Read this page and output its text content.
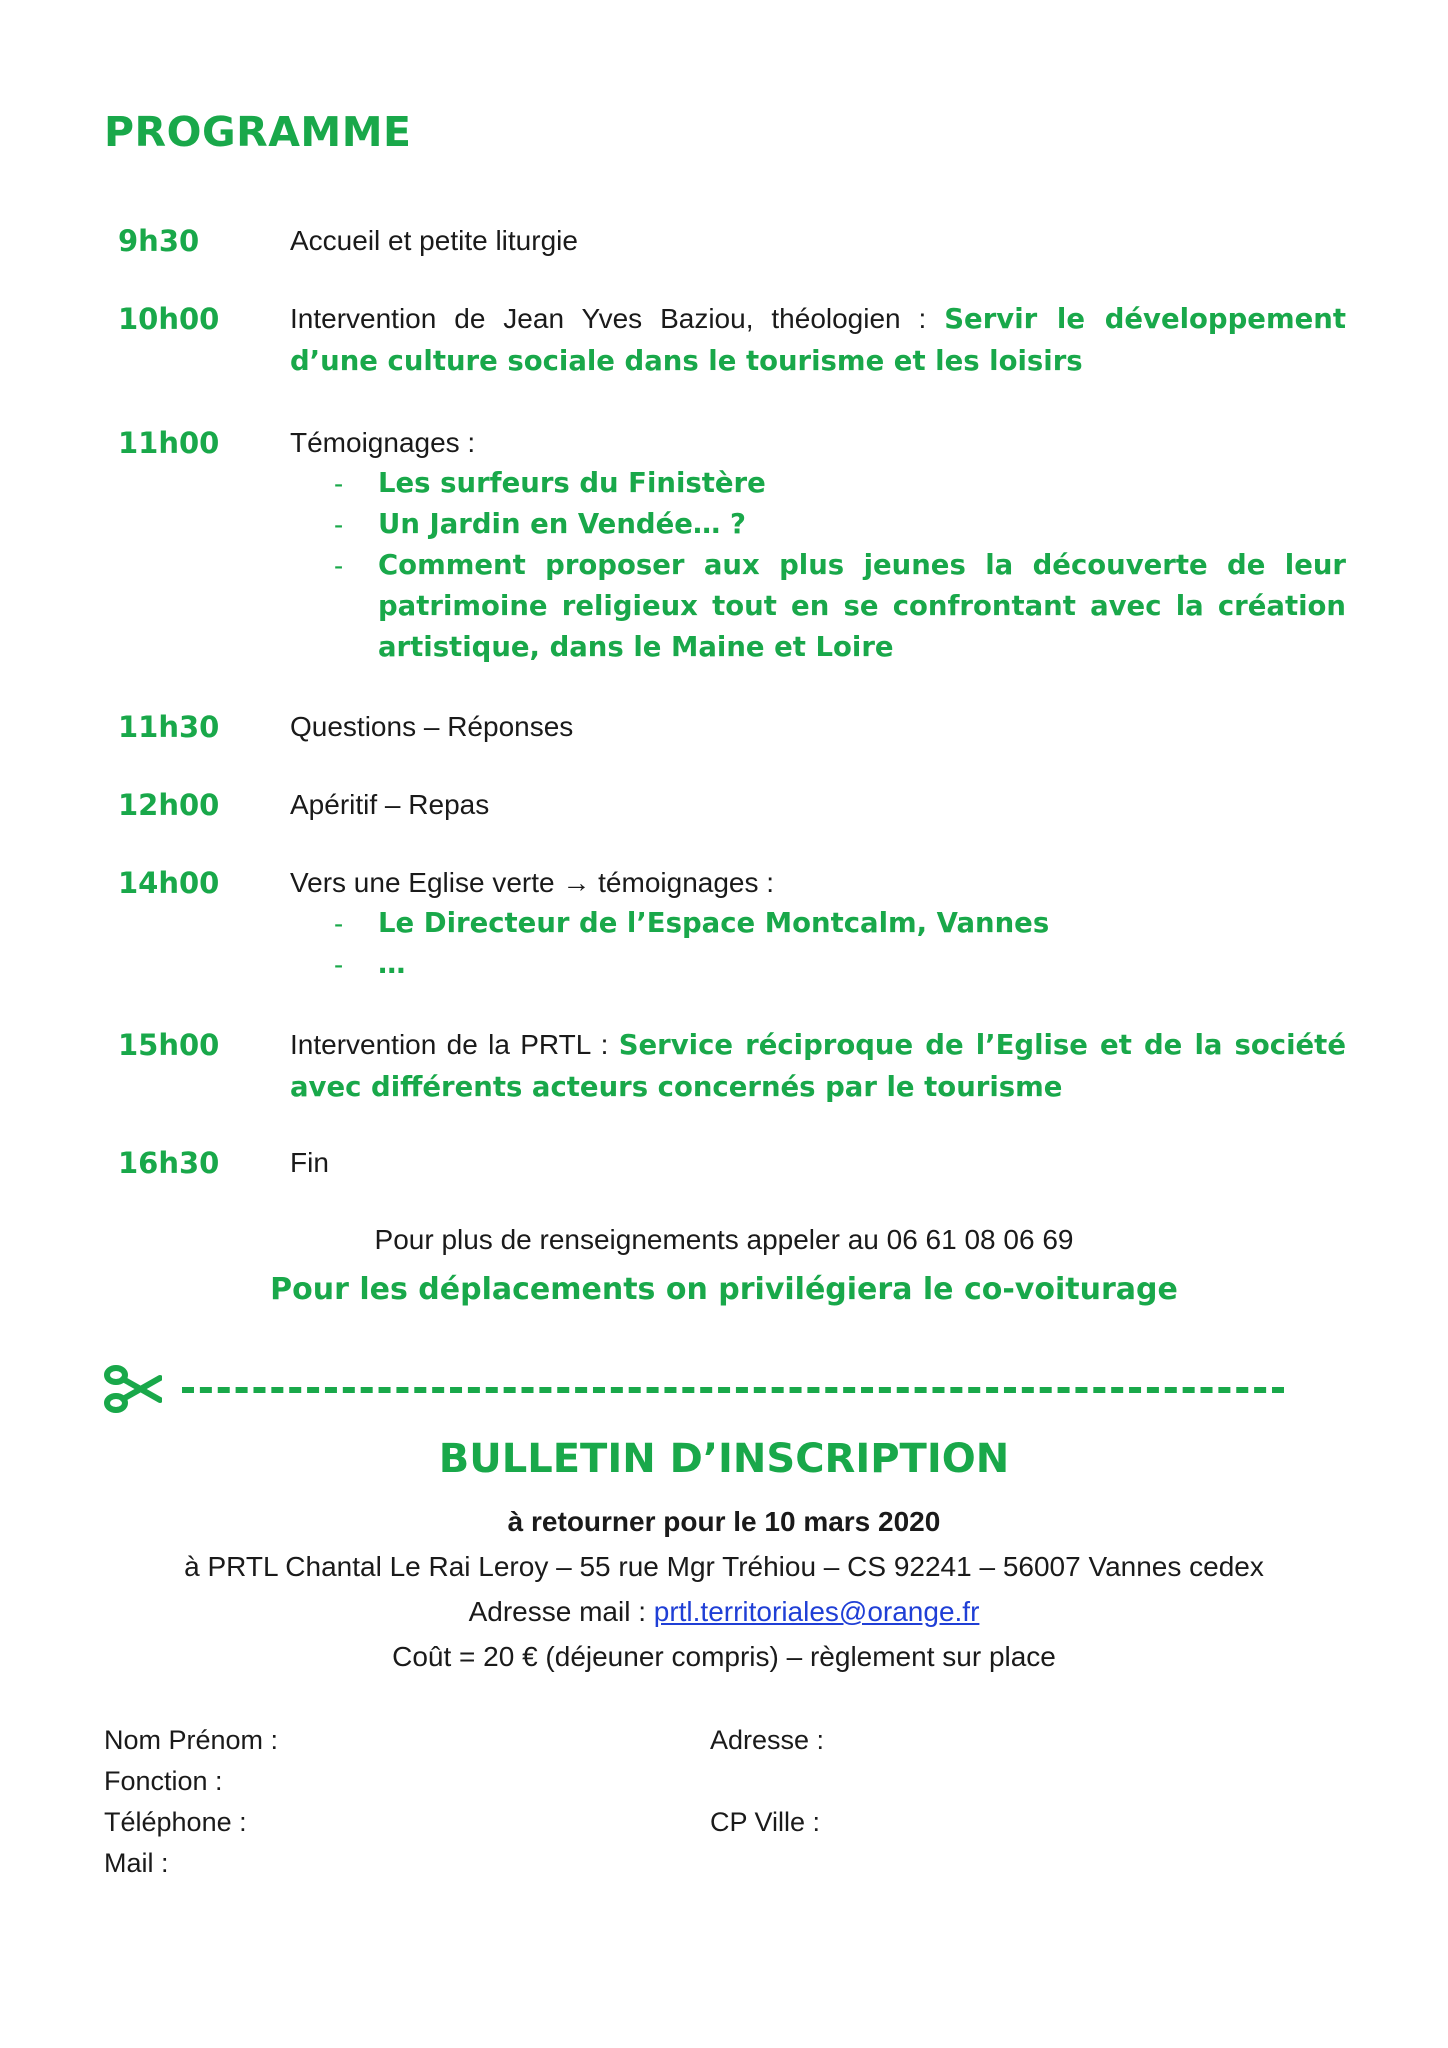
PROGRAMME
9h30	Accueil et petite liturgie
10h00	Intervention de Jean Yves Baziou, théologien : Servir le développement d’une culture sociale dans le tourisme et les loisirs
11h00	Témoignages :
- Les surfeurs du Finistère
- Un Jardin en Vendée… ?
- Comment proposer aux plus jeunes la découverte de leur patrimoine religieux tout en se confrontant avec la création artistique, dans le Maine et Loire
11h30	Questions – Réponses
12h00	Apéritif – Repas
14h00	Vers une Eglise verte → témoignages :
- Le Directeur de l’Espace Montcalm, Vannes
- …
15h00	Intervention de la PRTL : Service réciproque de l’Eglise et de la société avec différents acteurs concernés par le tourisme
16h30	Fin
Pour plus de renseignements appeler au 06 61 08 06 69
Pour les déplacements on privilégiera le co-voiturage
BULLETIN D’INSCRIPTION
à retourner pour le 10 mars 2020
à PRTL Chantal Le Rai Leroy – 55 rue Mgr Tréhiou – CS 92241 – 56007 Vannes cedex
Adresse mail : prtl.territoriales@orange.fr
Coût = 20 € (déjeuner compris) – règlement sur place
Nom Prénom :
Fonction :
Téléphone :
Mail :
Adresse :
CP Ville :
